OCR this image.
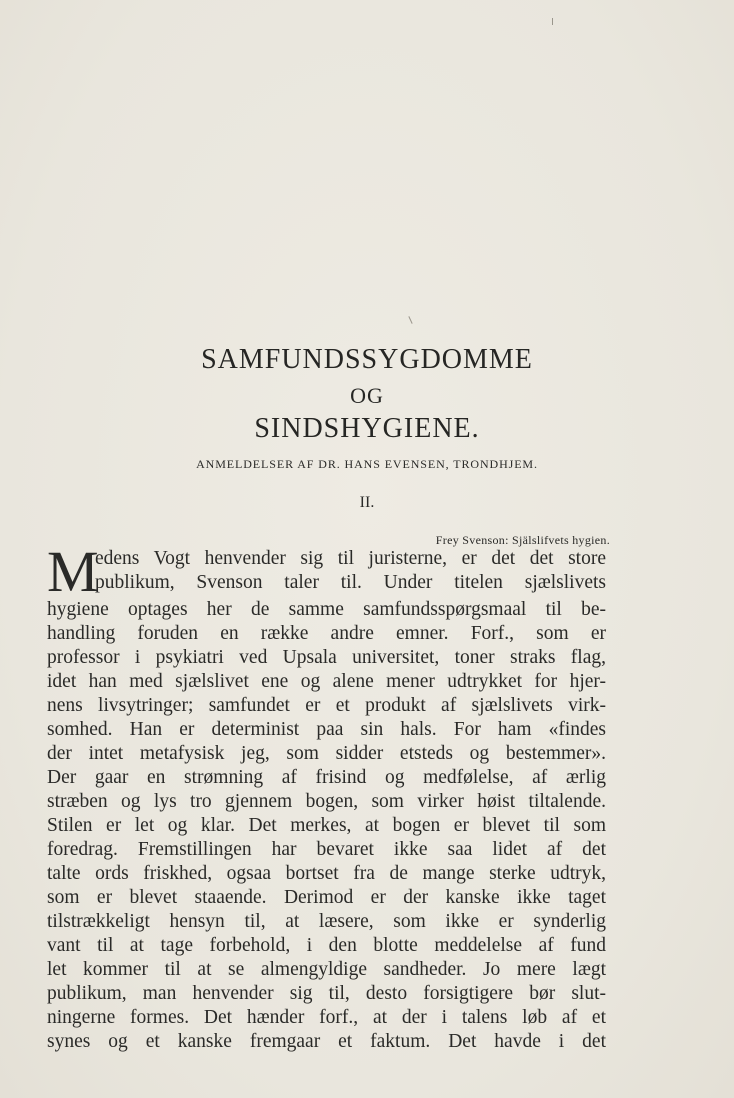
SAMFUNDSSYGDOMME
OG
SINDSHYGIENE.
ANMELDELSER AF DR. HANS EVENSEN, TRONDHJEM.
II.
Frey Svenson: Själslifvets hygien.
M
edens Vogt henvender sig til juristerne, er det det store
publikum, Svenson taler til. Under titelen sjælslivets
hygiene optages her de samme samfundsspørgsmaal til be-
handling foruden en række andre emner. Forf., som er
professor i psykiatri ved Upsala universitet, toner straks flag,
idet han med sjælslivet ene og alene mener udtrykket for hjer-
nens livsytringer; samfundet er et produkt af sjælslivets virk-
somhed. Han er determinist paa sin hals. For ham «findes
der intet metafysisk jeg, som sidder etsteds og bestemmer».
Der gaar en strømning af frisind og medfølelse, af ærlig
stræben og lys tro gjennem bogen, som virker høist tiltalende.
Stilen er let og klar. Det merkes, at bogen er blevet til som
foredrag. Fremstillingen har bevaret ikke saa lidet af det
talte ords friskhed, ogsaa bortset fra de mange sterke udtryk,
som er blevet staaende. Derimod er der kanske ikke taget
tilstrækkeligt hensyn til, at læsere, som ikke er synderlig
vant til at tage forbehold, i den blotte meddelelse af fund
let kommer til at se almengyldige sandheder. Jo mere lægt
publikum, man henvender sig til, desto forsigtigere bør slut-
ningerne formes. Det hænder forf., at der i talens løb af et
synes og et kanske fremgaar et faktum. Det havde i det
